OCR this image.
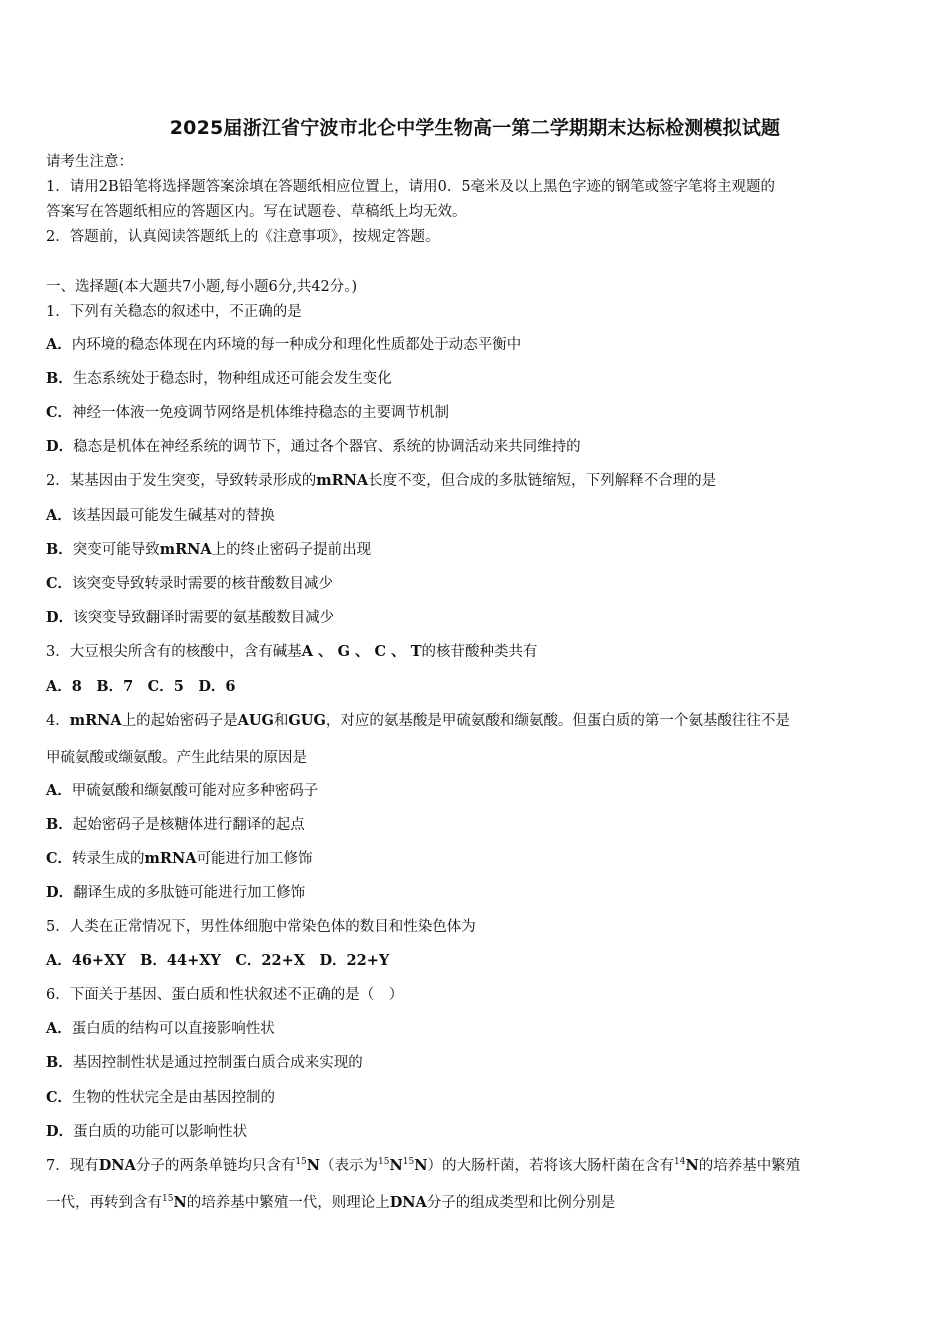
2025届浙江省宁波市北仑中学生物高一第二学期期末达标检测模拟试题
请考生注意：
1．请用2B铅笔将选择题答案涂填在答题纸相应位置上，请用0．5毫米及以上黑色字迹的钢笔或签字笔将主观题的
答案写在答题纸相应的答题区内。写在试题卷、草稿纸上均无效。
2．答题前，认真阅读答题纸上的《注意事项》，按规定答题。
一、选择题(本大题共7小题,每小题6分,共42分。)
1．下列有关稳态的叙述中，不正确的是
A．内环境的稳态体现在内环境的每一种成分和理化性质都处于动态平衡中
B．生态系统处于稳态时，物种组成还可能会发生变化
C．神经一体液一免疫调节网络是机体维持稳态的主要调节机制
D．稳态是机体在神经系统的调节下，通过各个器官、系统的协调活动来共同维持的
2．某基因由于发生突变，导致转录形成的mRNA长度不变，但合成的多肽链缩短，下列解释不合理的是
A．该基因最可能发生碱基对的替换
B．突变可能导致mRNA上的终止密码子提前出现
C．该突变导致转录时需要的核苷酸数目减少
D．该突变导致翻译时需要的氨基酸数目减少
3．大豆根尖所含有的核酸中，含有碱基A 、 G 、 C 、 T的核苷酸种类共有
A．8　B．7　C．5　D．6
4．mRNA上的起始密码子是AUG和GUG，对应的氨基酸是甲硫氨酸和缬氨酸。但蛋白质的第一个氨基酸往往不是
甲硫氨酸或缬氨酸。产生此结果的原因是
A．甲硫氨酸和缬氨酸可能对应多种密码子
B．起始密码子是核糖体进行翻译的起点
C．转录生成的mRNA可能进行加工修饰
D．翻译生成的多肽链可能进行加工修饰
5．人类在正常情况下，男性体细胞中常染色体的数目和性染色体为
A．46+XY　B．44+XY　C．22+X　D．22+Y
6．下面关于基因、蛋白质和性状叙述不正确的是（　）
A．蛋白质的结构可以直接影响性状
B．基因控制性状是通过控制蛋白质合成来实现的
C．生物的性状完全是由基因控制的
D．蛋白质的功能可以影响性状
7．现有DNA分子的两条单链均只含有$^{15}$N（表示为$^{15}N^{15}N$）的大肠杆菌，若将该大肠杆菌在含有$^{14}$N的培养基中繁殖
一代，再转到含有$^{15}$N的培养基中繁殖一代，则理论上DNA分子的组成类型和比例分别是
